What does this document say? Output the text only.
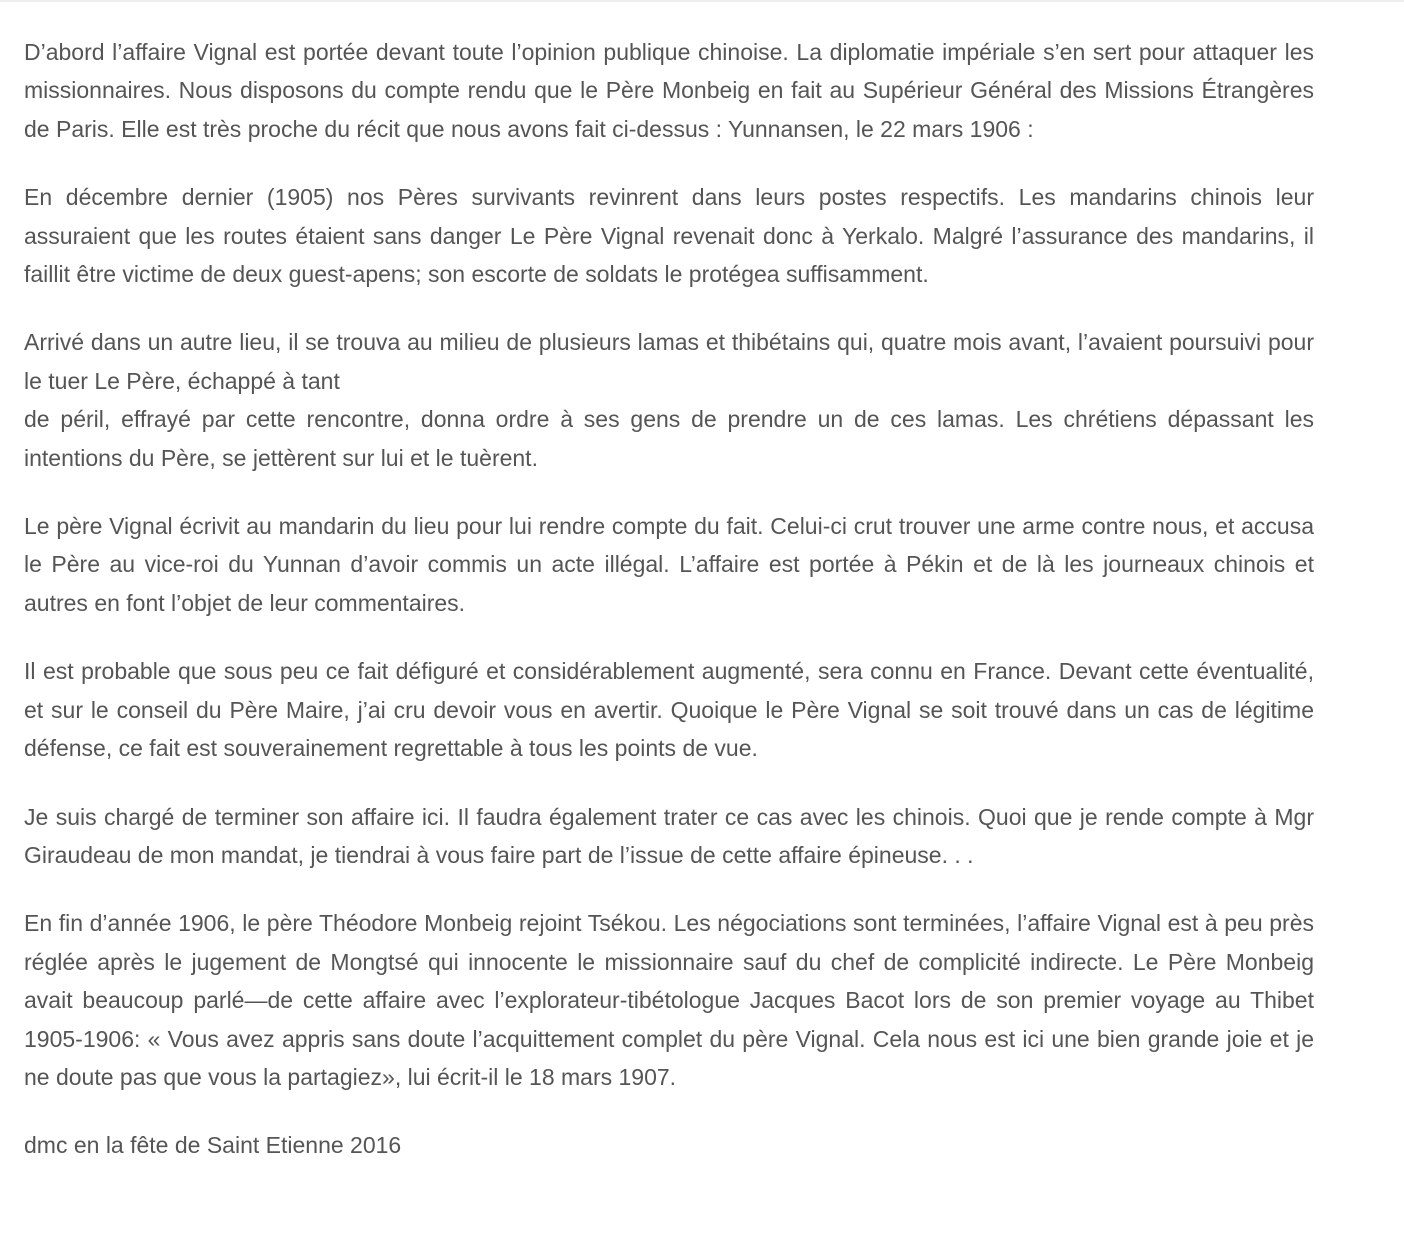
D’abord l’affaire Vignal est portée devant toute l’opinion publique chinoise. La diplomatie impériale s’en sert pour attaquer les missionnaires. Nous disposons du compte rendu que le Père Monbeig en fait au Supérieur Général des Missions Étrangères de Paris. Elle est très proche du récit que nous avons fait ci-dessus : Yunnansen, le 22 mars 1906 :

En décembre dernier (1905) nos Pères survivants revinrent dans leurs postes respectifs. Les mandarins chinois leur assuraient que les routes étaient sans danger Le Père Vignal revenait donc à Yerkalo. Malgré l’assurance des mandarins, il faillit être victime de deux guest-apens; son escorte de soldats le protégea suffisamment.

Arrivé dans un autre lieu, il se trouva au milieu de plusieurs lamas et thibétains qui, quatre mois avant, l’avaient poursuivi pour le tuer Le Père, échappé à tant
de péril, effrayé par cette rencontre, donna ordre à ses gens de prendre un de ces lamas. Les chrétiens dépassant les intentions du Père, se jettèrent sur lui et le tuèrent.

Le père Vignal écrivit au mandarin du lieu pour lui rendre compte du fait. Celui-ci crut trouver une arme contre nous, et accusa le Père au vice-roi du Yunnan d’avoir commis un acte illégal. L’affaire est portée à Pékin et de là les journeaux chinois et autres en font l’objet de leur commentaires.

Il est probable que sous peu ce fait défiguré et considérablement augmenté, sera connu en France. Devant cette éventualité, et sur le conseil du Père Maire, j’ai cru devoir vous en avertir. Quoique le Père Vignal se soit trouvé dans un cas de légitime défense, ce fait est souverainement regrettable à tous les points de vue.

Je suis chargé de terminer son affaire ici. Il faudra également trater ce cas avec les chinois. Quoi que je rende compte à Mgr Giraudeau de mon mandat, je tiendrai à vous faire part de l’issue de cette affaire épineuse. . .

En fin d’année 1906, le père Théodore Monbeig rejoint Tsékou. Les négociations sont terminées, l’affaire Vignal est à peu près réglée après le jugement de Mongtsé qui innocente le missionnaire sauf du chef de complicité indirecte. Le Père Monbeig avait beaucoup parlé—de cette affaire avec l’explorateur-tibétologue Jacques Bacot lors de son premier voyage au Thibet 1905-1906: « Vous avez appris sans doute l’acquittement complet du père Vignal. Cela nous est ici une bien grande joie et je ne doute pas que vous la partagiez», lui écrit-il le 18 mars 1907.

dmc en la fête de Saint Etienne 2016
